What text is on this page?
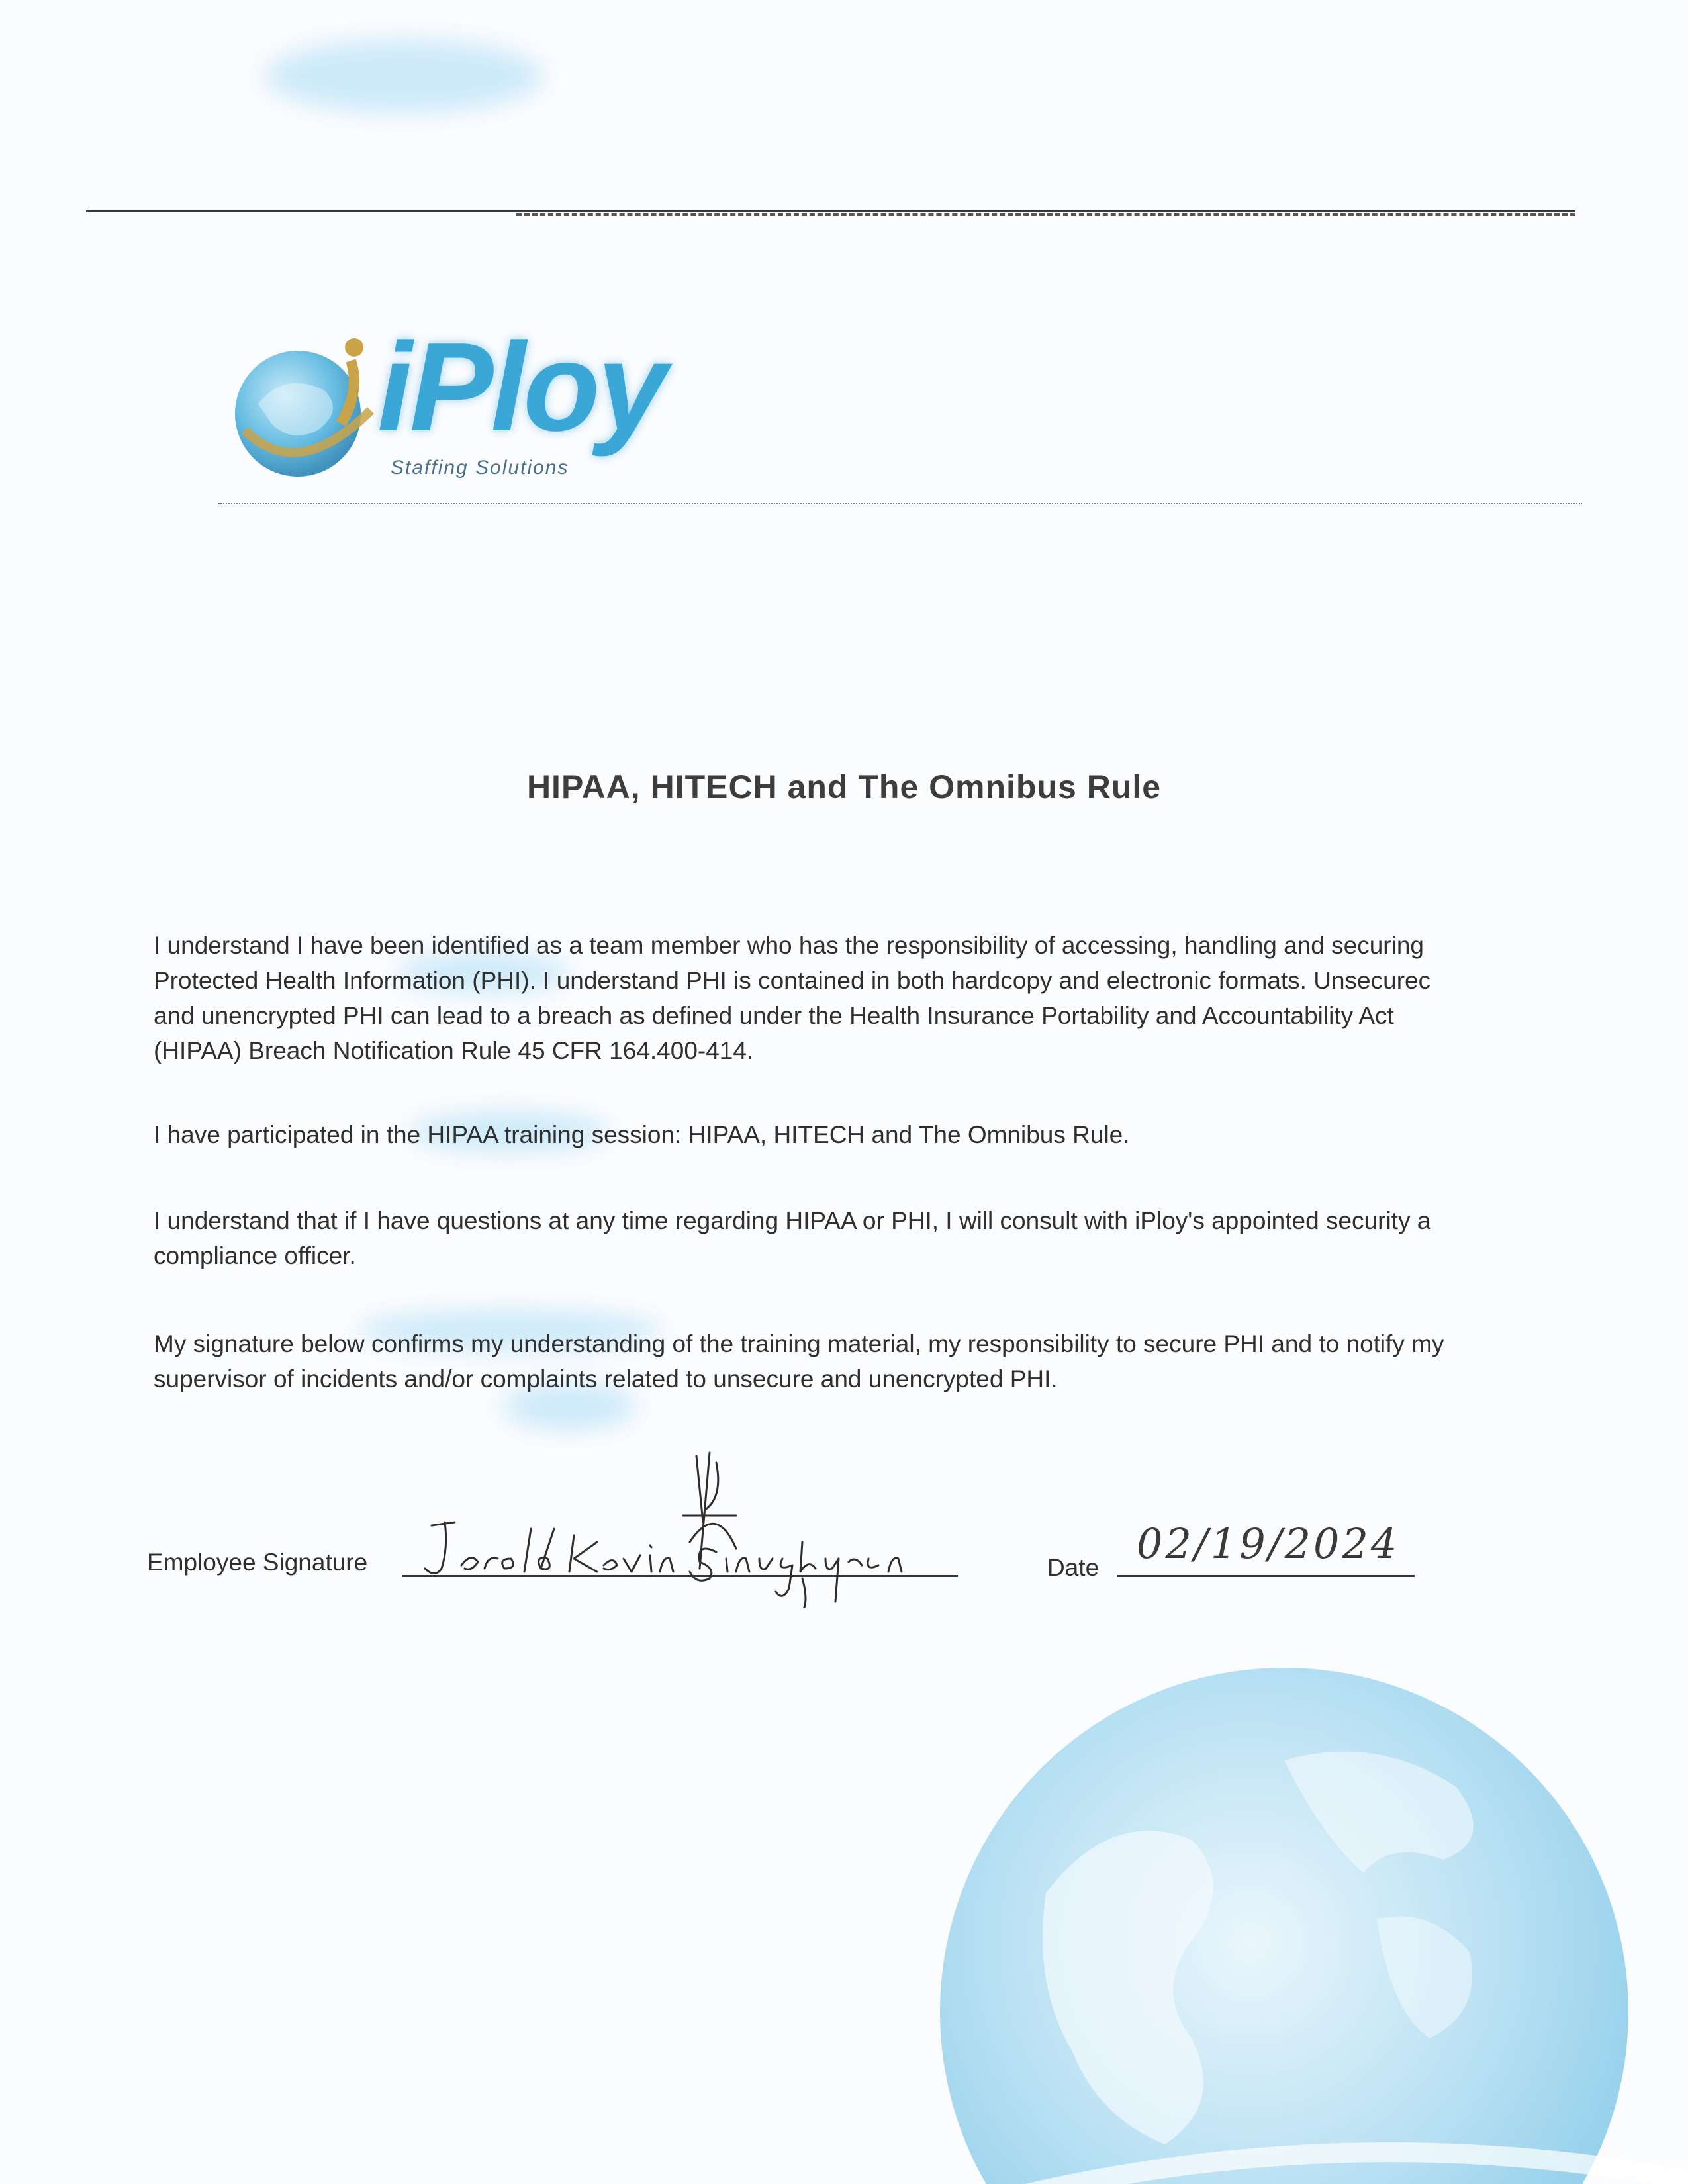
iPloy
Staffing Solutions
HIPAA, HITECH and The Omnibus Rule
I understand I have been identified as a team member who has the responsibility of accessing, handling and securing
Protected Health Information (PHI). I understand PHI is contained in both hardcopy and electronic formats. Unsecurec
and unencrypted PHI can lead to a breach as defined under the Health Insurance Portability and Accountability Act
(HIPAA) Breach Notification Rule 45 CFR 164.400-414.
I have participated in the HIPAA training session: HIPAA, HITECH and The Omnibus Rule.
I understand that if I have questions at any time regarding HIPAA or PHI, I will consult with iPloy's appointed security a
compliance officer.
My signature below confirms my understanding of the training material, my responsibility to secure PHI and to notify my
supervisor of incidents and/or complaints related to unsecure and unencrypted PHI.
Employee Signature	Date 02/19/2024
